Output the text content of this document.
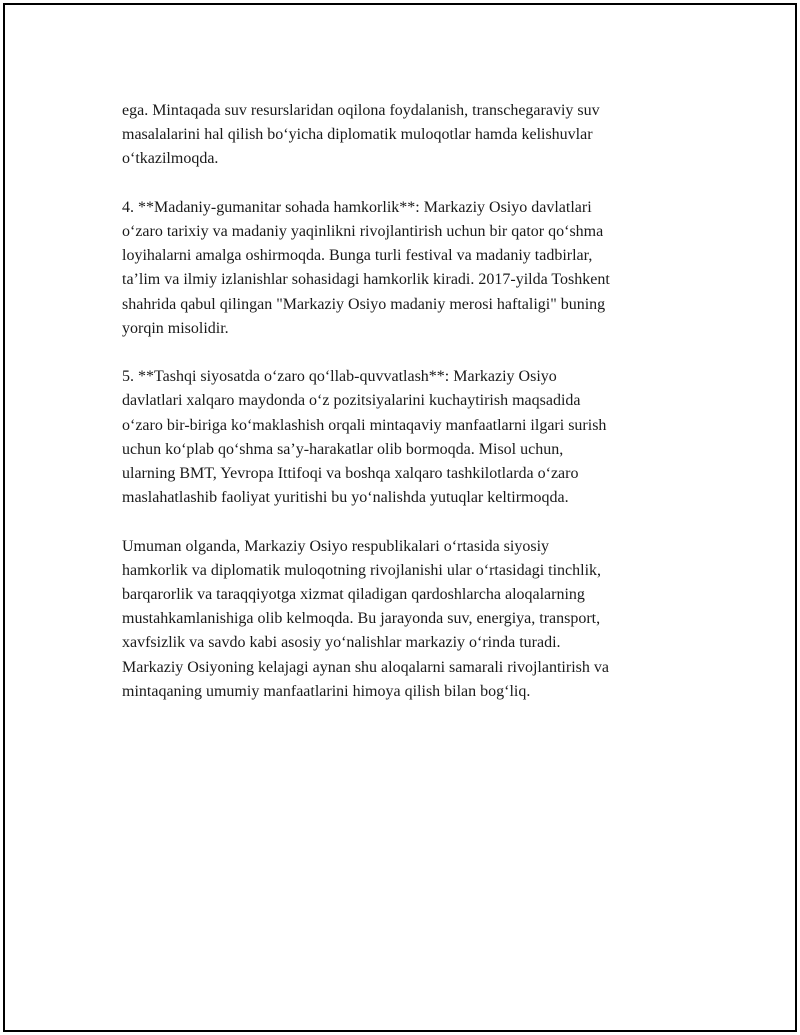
ega. Mintaqada suv resurslaridan oqilona foydalanish, transchegaraviy suv
masalalarini hal qilish bo‘yicha diplomatik muloqotlar hamda kelishuvlar
o‘tkazilmoqda.

4. **Madaniy-gumanitar sohada hamkorlik**: Markaziy Osiyo davlatlari
o‘zaro tarixiy va madaniy yaqinlikni rivojlantirish uchun bir qator qo‘shma
loyihalarni amalga oshirmoqda. Bunga turli festival va madaniy tadbirlar,
ta’lim va ilmiy izlanishlar sohasidagi hamkorlik kiradi. 2017-yilda Toshkent
shahrida qabul qilingan "Markaziy Osiyo madaniy merosi haftaligi" buning
yorqin misolidir.

5. **Tashqi siyosatda o‘zaro qo‘llab-quvvatlash**: Markaziy Osiyo
davlatlari xalqaro maydonda o‘z pozitsiyalarini kuchaytirish maqsadida
o‘zaro bir-biriga ko‘maklashish orqali mintaqaviy manfaatlarni ilgari surish
uchun ko‘plab qo‘shma sa’y-harakatlar olib bormoqda. Misol uchun,
ularning BMT, Yevropa Ittifoqi va boshqa xalqaro tashkilotlarda o‘zaro
maslahatlashib faoliyat yuritishi bu yo‘nalishda yutuqlar keltirmoqda.

Umuman olganda, Markaziy Osiyo respublikalari o‘rtasida siyosiy
hamkorlik va diplomatik muloqotning rivojlanishi ular o‘rtasidagi tinchlik,
barqarorlik va taraqqiyotga xizmat qiladigan qardoshlarcha aloqalarning
mustahkamlanishiga olib kelmoqda. Bu jarayonda suv, energiya, transport,
xavfsizlik va savdo kabi asosiy yo‘nalishlar markaziy o‘rinda turadi.
Markaziy Osiyoning kelajagi aynan shu aloqalarni samarali rivojlantirish va
mintaqaning umumiy manfaatlarini himoya qilish bilan bog‘liq.
